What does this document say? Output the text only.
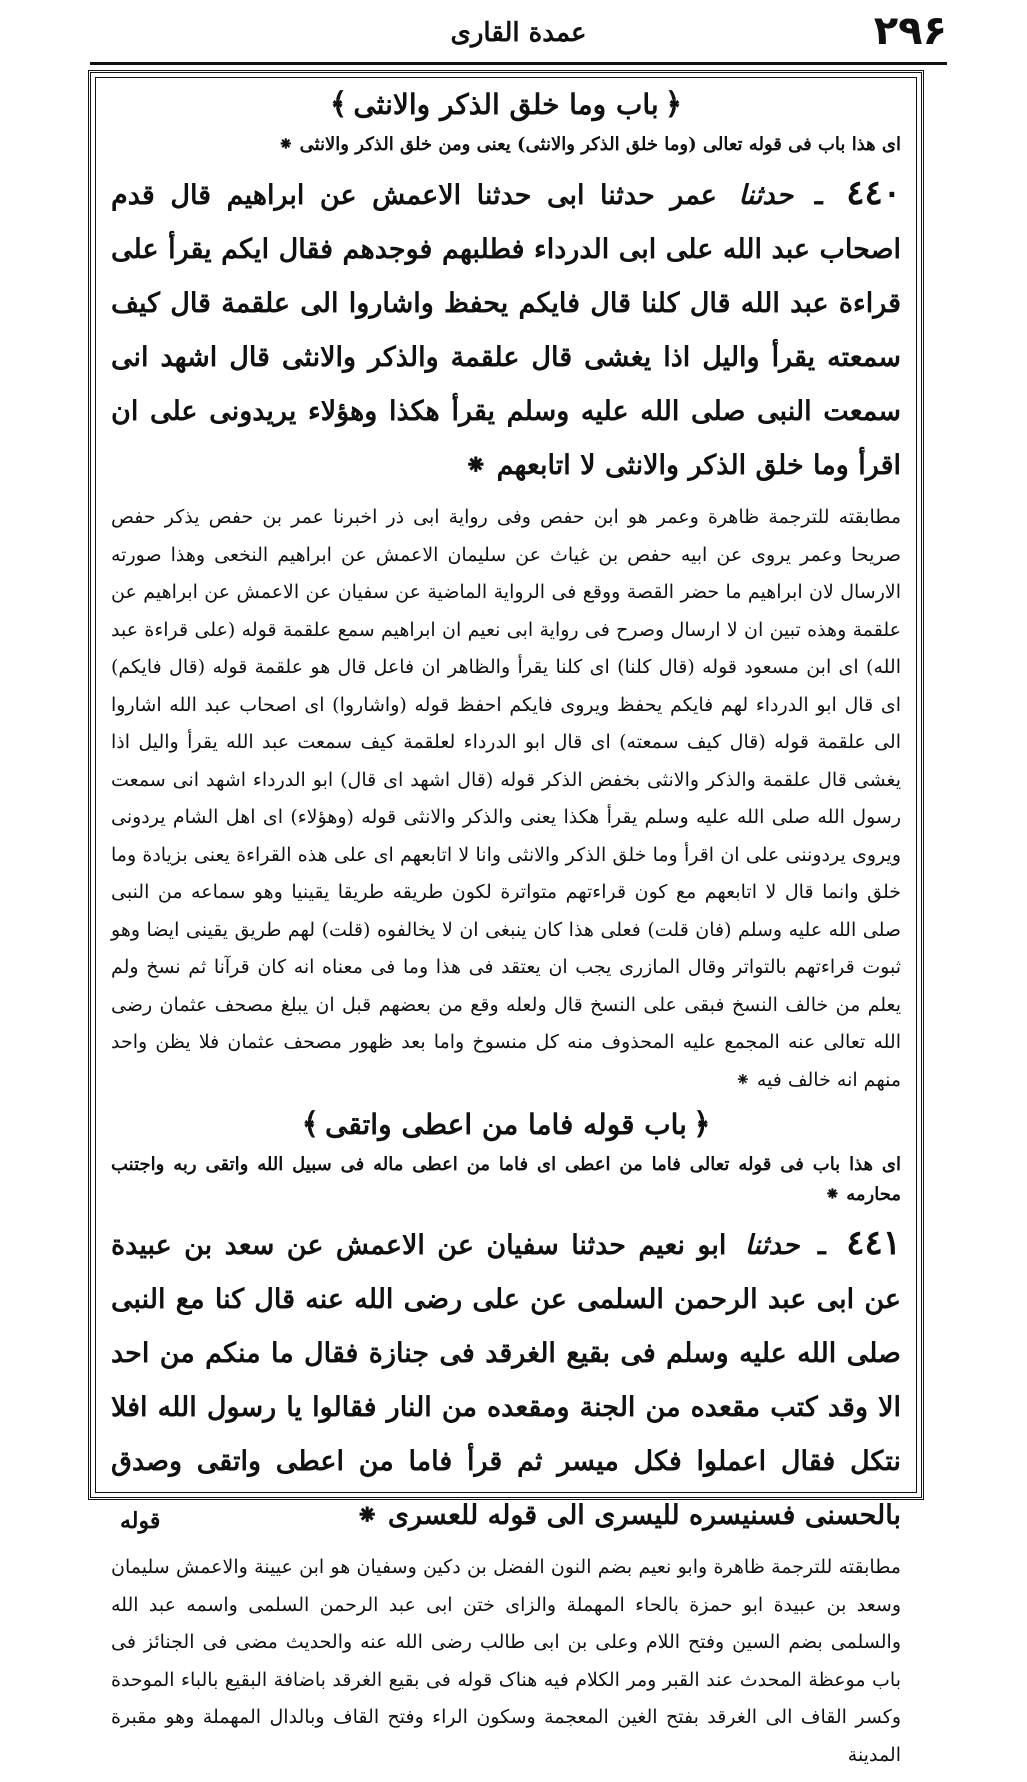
۲۹۶
عمدة القاری
﴿باب وما خلق الذكر والانثى﴾

ای هذا باب فی قوله تعالی (وما خلق الذکر والانثی) یعنی ومن خلق الذکر والانثی ⁕

٤٤٠ ـ حدثنا عمر حدثنا ابی حدثنا الاعمش عن ابراهیم قال قدم اصحاب عبد الله علی ابی الدرداء فطلبهم فوجدهم فقال ایکم یقرأ علی قراءة عبد الله قال کلنا قال فایکم یحفظ واشاروا الی علقمة قال کیف سمعته یقرأ والیل اذا یغشی قال علقمة والذکر والانثی قال اشهد انی سمعت النبی صلى الله عليه وسلم یقرأ هکذا وهؤلاء یریدونی علی ان اقرأ وما خلق الذکر والانثی لا اتابعهم ⁕

مطابقته للترجمة ظاهرة وعمر هو ابن حفص وفی روایة ابی ذر اخبرنا عمر بن حفص یذکر حفص صریحا وعمر یروی عن ابیه حفص بن غیاث عن سلیمان الاعمش عن ابراهیم النخعی وهذا صورته الارسال لان ابراهیم ما حضر القصة ووقع فی الروایة الماضیة عن سفیان عن الاعمش عن ابراهیم عن علقمة وهذه تبین ان لا ارسال وصرح فی روایة ابی نعیم ان ابراهیم سمع علقمة قوله (علی قراءة عبد الله) ای ابن مسعود قوله (قال کلنا) ای کلنا یقرأ والظاهر ان فاعل قال هو علقمة قوله (قال فایکم) ای قال ابو الدرداء لهم فایکم یحفظ ویروی فایکم احفظ قوله (واشاروا) ای اصحاب عبد الله اشاروا الی علقمة قوله (قال کیف سمعته) ای قال ابو الدرداء لعلقمة کیف سمعت عبد الله یقرأ والیل اذا یغشی قال علقمة والذکر والانثی بخفض الذکر قوله (قال اشهد ای قال) ابو الدرداء اشهد انی سمعت رسول الله صلى الله عليه وسلم یقرأ هکذا یعنی والذکر والانثی قوله (وهؤلاء) ای اهل الشام یردونی ویروی یردوننی علی ان اقرأ وما خلق الذکر والانثی وانا لا اتابعهم ای علی هذه القراءة یعنی بزیادة وما خلق وانما قال لا اتابعهم مع کون قراءتهم متواترة لکون طریقه طریقا یقینیا وهو سماعه من النبی صلى الله عليه وسلم (فان قلت) فعلی هذا کان ینبغی ان لا یخالفوه (قلت) لهم طریق یقینی ایضا وهو ثبوت قراءتهم بالتواتر وقال المازری یجب ان یعتقد فی هذا وما فی معناه انه کان قرآنا ثم نسخ ولم یعلم من خالف النسخ فبقی علی النسخ قال ولعله وقع من بعضهم قبل ان یبلغ مصحف عثمان رضی الله تعالی عنه المجمع علیه المحذوف منه کل منسوخ واما بعد ظهور مصحف عثمان فلا یظن واحد منهم انه خالف فیه ⁕

﴿باب قوله فاما من اعطى واتقى﴾

ای هذا باب فی قوله تعالی فاما من اعطی ای فاما من اعطی ماله فی سبیل الله واتقی ربه واجتنب محارمه ⁕

٤٤١ ـ حدثنا ابو نعیم حدثنا سفیان عن الاعمش عن سعد بن عبیدة عن ابی عبد الرحمن السلمی عن علی رضی الله عنه قال کنا مع النبی صلى الله عليه وسلم فی بقیع الغرقد فی جنازة فقال ما منکم من احد الا وقد کتب مقعده من الجنة ومقعده من النار فقالوا یا رسول الله افلا نتکل فقال اعملوا فکل میسر ثم قرأ فاما من اعطی واتقی وصدق بالحسنی فسنیسره للیسری الی قوله للعسری ⁕

مطابقته للترجمة ظاهرة وابو نعیم بضم النون الفضل بن دکین وسفیان هو ابن عیینة والاعمش سلیمان وسعد بن عبیدة ابو حمزة بالحاء المهملة والزای ختن ابی عبد الرحمن السلمی واسمه عبد الله والسلمی بضم السین وفتح اللام وعلی بن ابی طالب رضی الله عنه والحدیث مضی فی الجنائز فی باب موعظة المحدث عند القبر ومر الکلام فیه هناک قوله فی بقیع الغرقد باضافة البقیع بالباء الموحدة وکسر القاف الی الغرقد بفتح الغین المعجمة وسکون الراء وفتح القاف وبالدال المهملة وهو مقبرة المدینة

قوله
